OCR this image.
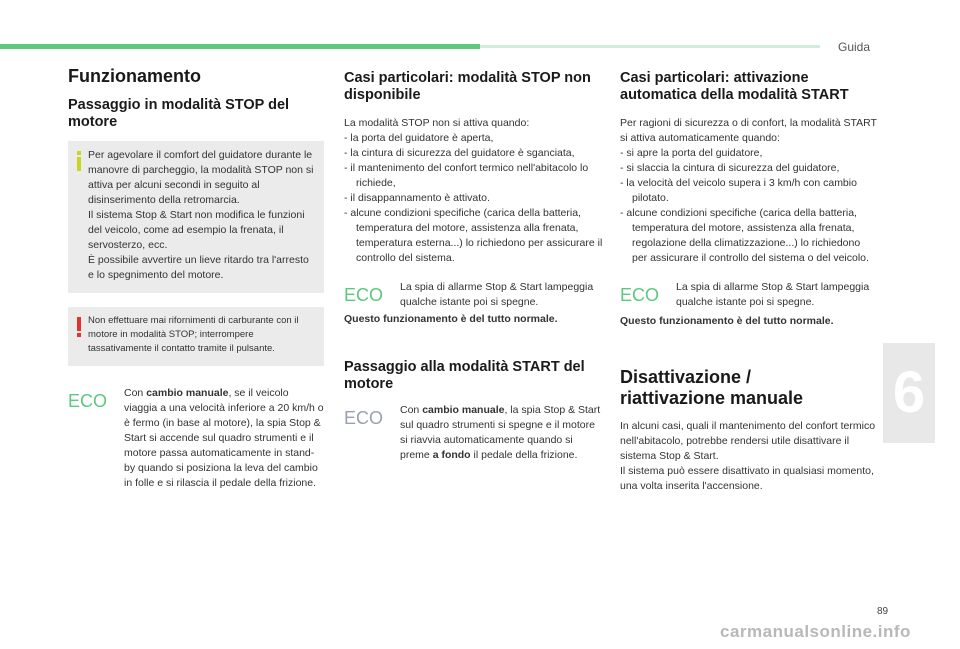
Guida
6
89
carmanualsonline.info
Funzionamento
Passaggio in modalità STOP del motore

Per agevolare il comfort del guidatore durante le manovre di parcheggio, la modalità STOP non si attiva per alcuni secondi in seguito al disinserimento della retromarcia.

Il sistema Stop & Start non modifica le funzioni del veicolo, come ad esempio la frenata, il servosterzo, ecc.

È possibile avvertire un lieve ritardo tra l'arresto e lo spegnimento del motore.

Non effettuare mai rifornimenti di carburante con il motore in modalità STOP; interrompere tassativamente il contatto tramite il pulsante.

ECO Con cambio manuale, se il veicolo viaggia a una velocità inferiore a 20 km/h o è fermo (in base al motore), la spia Stop & Start si accende sul quadro strumenti e il motore passa automaticamente in stand-by quando si posiziona la leva del cambio in folle e si rilascia il pedale della frizione.

Casi particolari: modalità STOP non disponibile

La modalità STOP non si attiva quando:

- la porta del guidatore è aperta,
- la cintura di sicurezza del guidatore è sganciata,
- il mantenimento del confort termico nell'abitacolo lo richiede,
- il disappannamento è attivato.
- alcune condizioni specifiche (carica della batteria, temperatura del motore, assistenza alla frenata, temperatura esterna...) lo richiedono per assicurare il controllo del sistema.
ECO La spia di allarme Stop & Start lampeggia qualche istante poi si spegne.

Questo funzionamento è del tutto normale.

Passaggio alla modalità START del motore
ECO Con cambio manuale, la spia Stop & Start sul quadro strumenti si spegne e il motore si riavvia automaticamente quando si preme a fondo il pedale della frizione.

Casi particolari: attivazione automatica della modalità START

Per ragioni di sicurezza o di confort, la modalità START si attiva automaticamente quando:

- si apre la porta del guidatore,
- si slaccia la cintura di sicurezza del guidatore,
- la velocità del veicolo supera i 3 km/h con cambio pilotato.
- alcune condizioni specifiche (carica della batteria, temperatura del motore, assistenza alla frenata, regolazione della climatizzazione...) lo richiedono per assicurare il controllo del sistema o del veicolo.
ECO La spia di allarme Stop & Start lampeggia qualche istante poi si spegne.

Questo funzionamento è del tutto normale.

Disattivazione / riattivazione manuale

In alcuni casi, quali il mantenimento del confort termico nell'abitacolo, potrebbe rendersi utile disattivare il sistema Stop & Start.

Il sistema può essere disattivato in qualsiasi momento, una volta inserita l'accensione.
